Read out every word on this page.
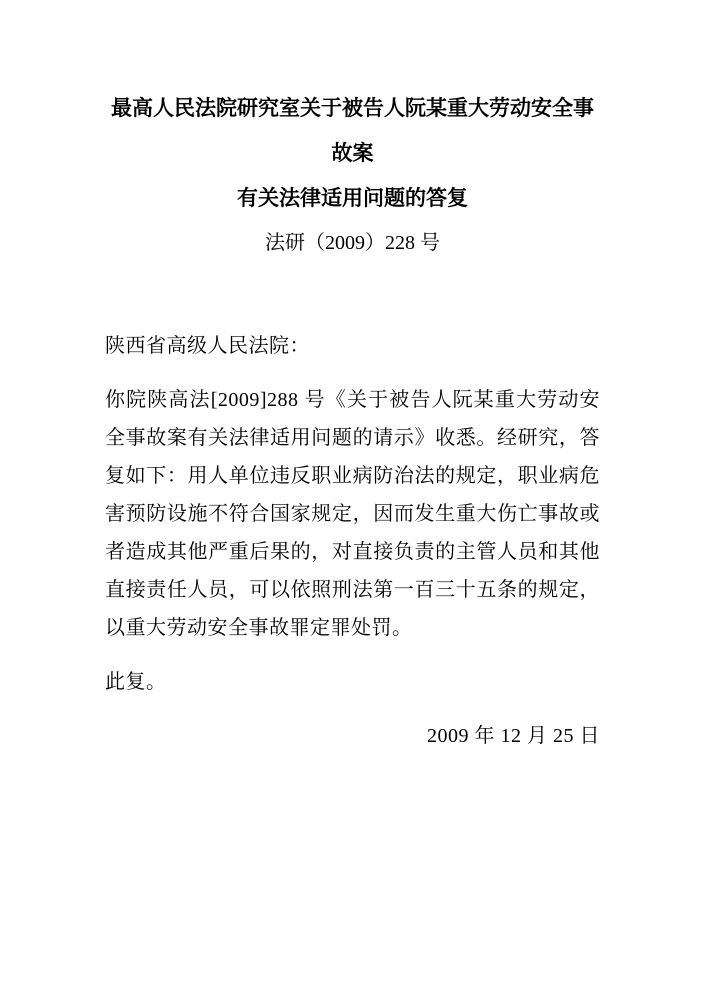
最高人民法院研究室关于被告人阮某重大劳动安全事故案
有关法律适用问题的答复
法研（2009）228 号

陕西省高级人民法院：

你院陕高法[2009]288 号《关于被告人阮某重大劳动安全事故案有关法律适用问题的请示》收悉。经研究，答复如下：用人单位违反职业病防治法的规定，职业病危害预防设施不符合国家规定，因而发生重大伤亡事故或者造成其他严重后果的，对直接负责的主管人员和其他直接责任人员，可以依照刑法第一百三十五条的规定，以重大劳动安全事故罪定罪处罚。

此复。

2009 年 12 月 25 日
